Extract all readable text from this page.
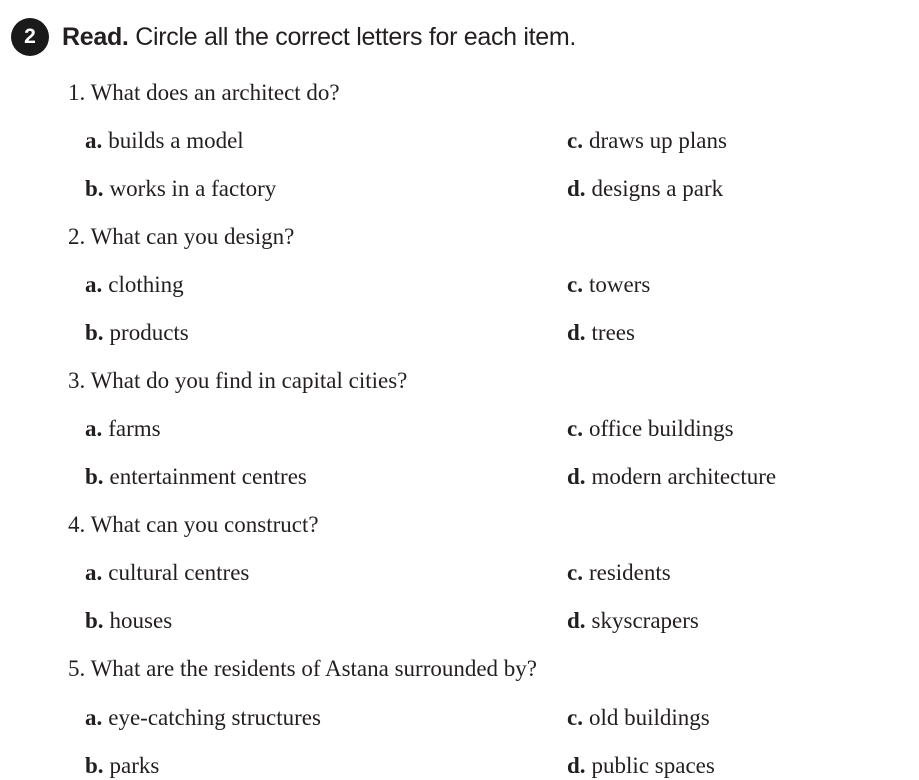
2	Read. Circle all the correct letters for each item.
1. What does an architect do?
a. builds a model
b. works in a factory
c. draws up plans
d. designs a park
2. What can you design?
a. clothing
b. products
c. towers
d. trees
3. What do you find in capital cities?
a. farms
b. entertainment centres
c. office buildings
d. modern architecture
4. What can you construct?
a. cultural centres
b. houses
c. residents
d. skyscrapers
5. What are the residents of Astana surrounded by?
a. eye-catching structures
b. parks
c. old buildings
d. public spaces
